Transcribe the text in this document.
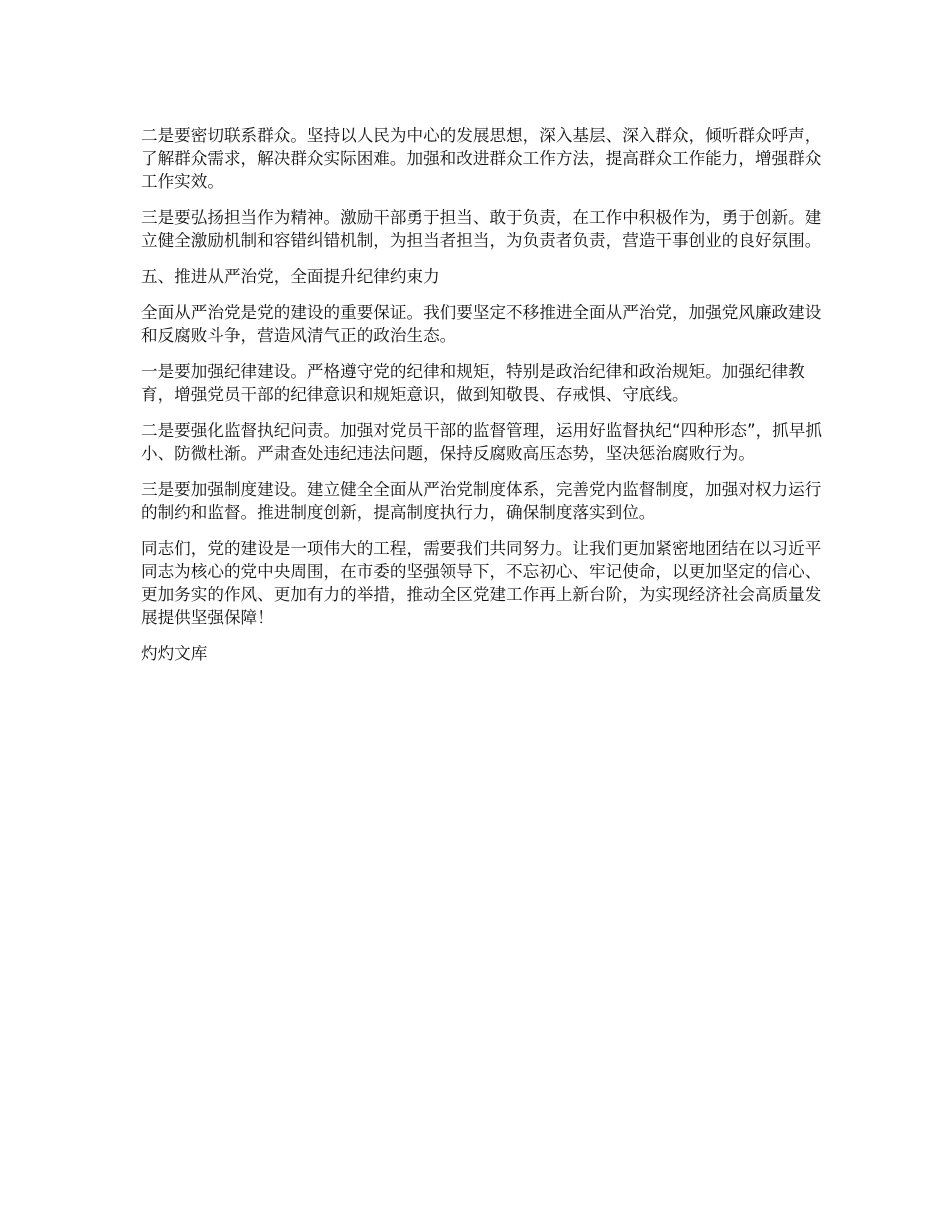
二是要密切联系群众。坚持以人民为中心的发展思想，深入基层、深入群众，倾听群众呼声，了解群众需求，解决群众实际困难。加强和改进群众工作方法，提高群众工作能力，增强群众工作实效。

三是要弘扬担当作为精神。激励干部勇于担当、敢于负责，在工作中积极作为，勇于创新。建立健全激励机制和容错纠错机制，为担当者担当，为负责者负责，营造干事创业的良好氛围。

五、推进从严治党，全面提升纪律约束力

全面从严治党是党的建设的重要保证。我们要坚定不移推进全面从严治党，加强党风廉政建设和反腐败斗争，营造风清气正的政治生态。

一是要加强纪律建设。严格遵守党的纪律和规矩，特别是政治纪律和政治规矩。加强纪律教育，增强党员干部的纪律意识和规矩意识，做到知敬畏、存戒惧、守底线。

二是要强化监督执纪问责。加强对党员干部的监督管理，运用好监督执纪“四种形态”，抓早抓小、防微杜渐。严肃查处违纪违法问题，保持反腐败高压态势，坚决惩治腐败行为。

三是要加强制度建设。建立健全全面从严治党制度体系，完善党内监督制度，加强对权力运行的制约和监督。推进制度创新，提高制度执行力，确保制度落实到位。

同志们，党的建设是一项伟大的工程，需要我们共同努力。让我们更加紧密地团结在以习近平同志为核心的党中央周围，在市委的坚强领导下，不忘初心、牢记使命，以更加坚定的信心、更加务实的作风、更加有力的举措，推动全区党建工作再上新台阶，为实现经济社会高质量发展提供坚强保障！

灼灼文库
